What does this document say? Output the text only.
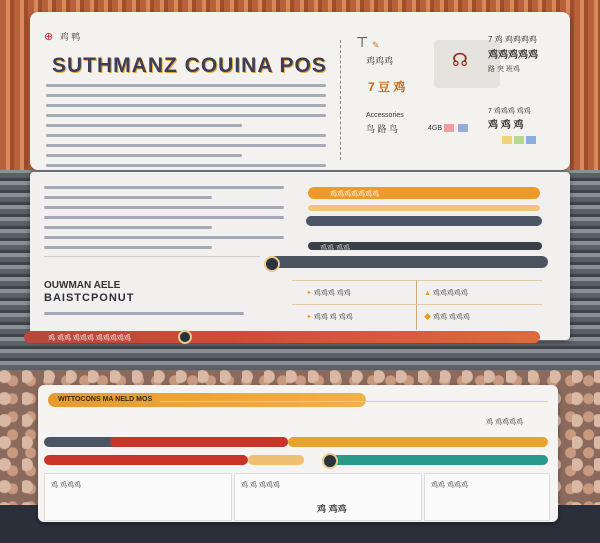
⊕ 鸡 鸭
SUTHMANZ COUINA POS
⊤ ✎
鸡鸡鸡
7 豆 鸡
Accessories
鸟 路 鸟
☊
4GB
7 鸡 鸡鸡鸡鸡
鸡鸡鸡鸡鸡
路 突 班鸡
7 鸡鸡鸡 鸡鸡
鸡 鸡 鸡
OUWMAN AELE
BAISTCPONUT
鸡鸡鸡鸡鸡鸡鸡
鸡鸡 鸡鸡
✦ 鸡鸡鸡 鸡鸡	▲ 鸡鸡鸡鸡鸡
✦ 鸡鸡 鸡 鸡鸡	◆ 鸡鸡 鸡鸡鸡
鸡 鸡鸡 鸡鸡鸡 鸡鸡鸡鸡鸡
WITTOCONS MA NELD MOS
鸡 鸡鸡鸡	鸡 鸡 鸡鸡鸡
鸡 鸡鸡
鸡鸡 鸡鸡鸡
鸡 鸡鸡鸡鸡
